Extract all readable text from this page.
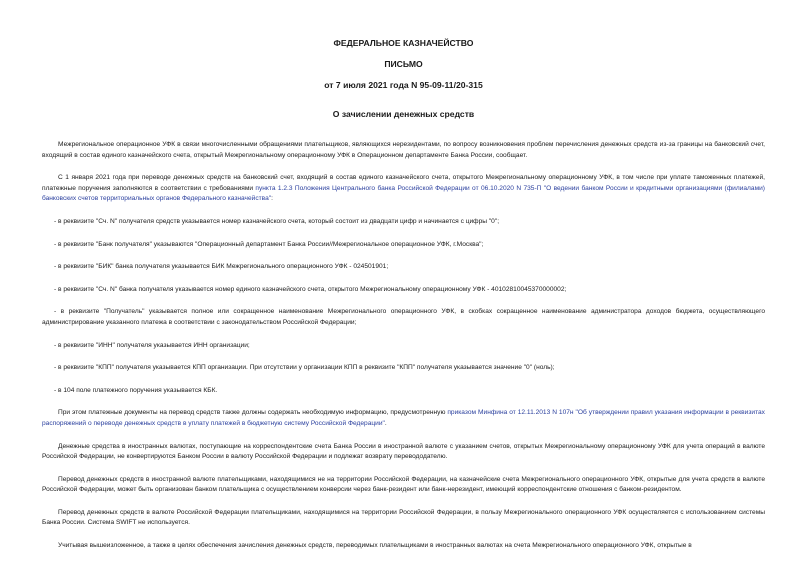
ФЕДЕРАЛЬНОЕ КАЗНАЧЕЙСТВО
ПИСЬМО
от 7 июля 2021 года N 95-09-11/20-315
О зачислении денежных средств

Межрегиональное операционное УФК в связи многочисленными обращениями плательщиков, являющихся нерезидентами, по вопросу возникновения проблем перечисления денежных средств из-за границы на банковский счет, входящий в состав единого казначейского счета, открытый Межрегиональному операционному УФК в Операционном департаменте Банка России, сообщает.

С 1 января 2021 года при переводе денежных средств на банковский счет, входящий в состав единого казначейского счета, открытого Межрегиональному операционному УФК, в том числе при уплате таможенных платежей, платежные поручения заполняются в соответствии с требованиями пункта 1.2.3 Положения Центрального банка Российской Федерации от 06.10.2020 N 735-П "О ведении банком России и кредитными организациями (филиалами) банковских счетов территориальных органов Федерального казначейства":

- в реквизите "Сч. N" получателя средств указывается номер казначейского счета, который состоит из двадцати цифр и начинается с цифры "0";

- в реквизите "Банк получателя" указываются "Операционный департамент Банка России//Межрегиональное операционное УФК, г.Москва";

- в реквизите "БИК" банка получателя указывается БИК Межрегионального операционного УФК - 024501901;

- в реквизите "Сч. N" банка получателя указывается номер единого казначейского счета, открытого Межрегиональному операционному УФК - 40102810045370000002;

- в реквизите "Получатель" указывается полное или сокращенное наименование Межрегионального операционного УФК, в скобках сокращенное наименование администратора доходов бюджета, осуществляющего администрирование указанного платежа в соответствии с законодательством Российской Федерации;

- в реквизите "ИНН" получателя указывается ИНН организации;

- в реквизите "КПП" получателя указывается КПП организации. При отсутствии у организации КПП в реквизите "КПП" получателя указывается значение "0" (ноль);

- в 104 поле платежного поручения указывается КБК.

При этом платежные документы на перевод средств также должны содержать необходимую информацию, предусмотренную приказом Минфина от 12.11.2013 N 107н "Об утверждении правил указания информации в реквизитах распоряжений о переводе денежных средств в уплату платежей в бюджетную систему Российской Федерации".

Денежные средства в иностранных валютах, поступающие на корреспондентские счета Банка России в иностранной валюте с указанием счетов, открытых Межрегиональному операционному УФК для учета операций в валюте Российской Федерации, не конвертируются Банком России в валюту Российской Федерации и подлежат возврату перевододателю.

Перевод денежных средств в иностранной валюте плательщиками, находящимися не на территории Российской Федерации, на казначейские счета Межрегионального операционного УФК, открытые для учета средств в валюте Российской Федерации, может быть организован банком плательщика с осуществлением конверсии через банк-резидент или банк-нерезидент, имеющий корреспондентские отношения с банком-резидентом.

Перевод денежных средств в валюте Российской Федерации плательщиками, находящимися на территории Российской Федерации, в пользу Межрегионального операционного УФК осуществляется с использованием системы Банка России. Система SWIFT не используется.

Учитывая вышеизложенное, а также в целях обеспечения зачисления денежных средств, переводимых плательщиками в иностранных валютах на счета Межрегионального операционного УФК, открытые в
